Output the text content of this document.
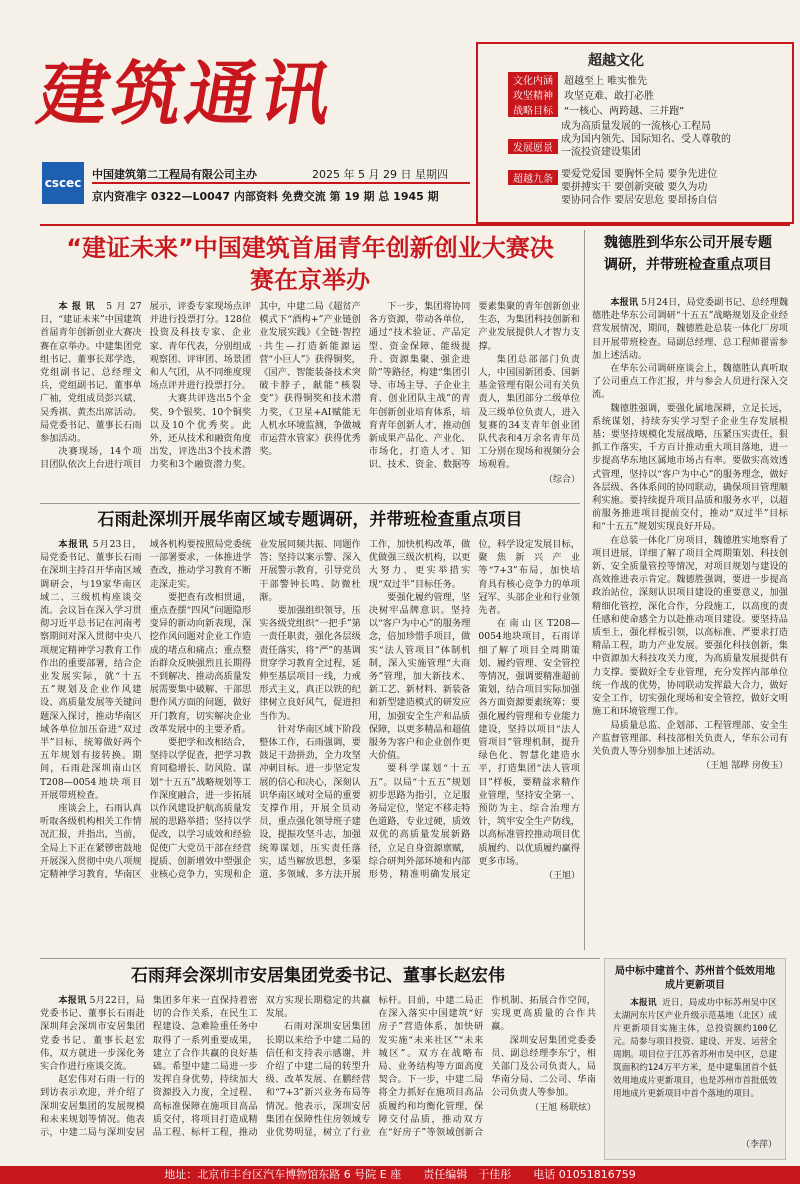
建筑通讯
cscec
中国建筑第二工程局有限公司主办	2025 年 5 月 29 日 星期四
京内资准字 0322—L0047 内部资料 免费交流 第 19 期 总 1945 期
超越文化
文化内涵 超越至上 唯实惟先
攻坚精神 攻坚克难、敢打必胜
战略目标 “一核心、两跨越、三并跑”
发展愿景
成为高质量发展的一流核心工程局
成为国内领先、国际知名、受人尊敬的
一流投资建设集团
超越九条 要爱党爱国 要胸怀全局 要争先进位
要拼搏实干 要创新突破 要久为功
要协同合作 要居安思危 要昂扬自信
“建证未来”中国建筑首届青年创新创业大赛决
赛在京举办

本报讯 5月27日，“建证未来”中国建筑首届青年创新创业大赛决赛在京举办。中建集团党组书记、董事长郑学选，党组副书记、总经理文兵，党组副书记、董事单广袖，党组成员彭兴斌、吴秀祺、黄杰出席活动。局党委书记、董事长石雨参加活动。

决赛现场，14个项目团队依次上台进行项目展示，评委专家现场点评并进行投票打分。128位投资及科技专家、企业家、青年代表，分别组成观察团、评审团、场景团和人气团，从不同维度现场点评并进行投票打分。

大赛共评选出5个金奖、9个银奖、10个铜奖以及10个优秀奖。此外，还从技术和融资角度出发，评选出3个技术潜力奖和3个融资潜力奖。其中，中建二局《超贫产模式下“酒构+”产业链创业发展实践》《全链·智控·共生—打造新能源运营“小巨人”》获得铜奖，《国产、智能装备技术突破卡脖子，献能“核裂变”》获得铜奖和技术潜力奖，《卫星+AI赋能无人机水环境监测，争做城市运营水管家》获得优秀奖。

下一步，集团将协同各方资源，带动各单位，通过“技术验证、产品定型、资金保障、能级提升、资源集聚、强企进阶”等路径，构建“集团引导、市场主导、子企业主育、创业团队主战”的青年创新创业培育体系，培育青年创新人才，推动创新成果产品化、产业化、市场化，打造人才、知识、技术、资金、数据等要素集聚的青年创新创业生态，为集团科技创新和产业发展提供人才智力支撑。

集团总部部门负责人，中国国新团委、国新基金管理有限公司有关负责人，集团部分二级单位及三级单位负责人，进入复赛的34支青年创业团队代表和4万余名青年员工分别在现场和视频分会场观看。

（综合）
魏德胜到华东公司开展专题
调研，并带班检查重点项目

本报讯 5月24日，局党委副书记、总经理魏德胜赴华东公司调研“十五五”战略规划及企业经营发展情况，期间，魏德胜赴总装一体化厂房项目开展带班检查。局副总经理、总工程师翟雷参加上述活动。

在华东公司调研座谈会上，魏德胜认真听取了公司重点工作汇报，并与参会人员进行深入交流。

魏德胜强调，要强化属地深耕，立足长远，系统谋划，持续夯实学习型子企业生存发展根基；要坚持规模化发展战略，压紧压实责任，狠抓工作落实，千方百计推动重大项目落地，进一步提高华东地区属地市场占有率。要做实高效透式管理，坚持以“客户为中心”的服务理念，做好各层级、各体系间的协同联动，确保项目管理顺利实施。要持续提升项目品质和服务水平，以超前服务推进项目提前交付，推动“双过半”目标和“十五五”规划实现良好开局。

在总装一体化厂房项目，魏德胜实地察看了项目进展，详细了解了项目全周期策划、科技创新、安全质量管控等情况，对项目规划与建设的高效推进表示肯定。魏德胜强调，要进一步提高政治站位，深刻认识项目建设的重要意义，加强精细化管控，深化合作，分段施工，以高度的责任感和使命感全力以赴推动项目建设。要坚持品质至上，强化样板引领，以高标准、严要求打造精品工程，助力产业发展。要强化科技创新，集中资源加大科技攻关力度，为高质量发展提供有力支撑。要做好全专业管理，充分发挥内部单位统一作战的优势，协同联动发挥最大合力，做好安全工作，切实强化现场和安全管控，做好文明施工和环境管理工作。

局质量总监、企划部、工程管理部、安全生产监督管理部、科技部相关负责人，华东公司有关负责人等分别参加上述活动。

（王旭 郜晔 房俊玉）
石雨赴深圳开展华南区域专题调研，并带班检查重点项目

本报讯 5月23日，局党委书记、董事长石雨在深圳主持召开华南区域调研会，与19家华南区域二、三级机构座谈交流。会议旨在深入学习贯彻习近平总书记在河南考察期间对深入贯彻中央八项规定精神学习教育工作作出的重要部署，结合企业发展实际，就“十五五”规划及企业作风建设、高质量发展等关键问题深入探讨，推动华南区域各单位加压奋进“双过半”目标，统筹做好两个五年规划有接转换。期间，石雨赴深圳南山区T208—0054地块项目开展带班检查。

座谈会上，石雨认真听取各级机构相关工作情况汇报，并指出，当前，全局上下正在紧锣密鼓地开展深入贯彻中央八项规定精神学习教育，华南区域各机构要按照局党委统一部署要求，一体推进学查改，推动学习教育不断走深走实。

要把查有改相贯通，重点查摆“四风”问题隐形变异的新动向新表现，深挖作风问题对企业工作造成的堵点和痛点；重点整治群众反映强烈且长期得不到解决、推动高质量发展需要集中破解、干部思想作风方面的问题，做好开门教育，切实解决企业改革发展中的主要矛盾。

要把学和改相结合，坚持以学促查，把学习教育同稳增长、防风险、谋划“十五五”战略规划等工作深度融合，进一步拓展以作风建设护航高质量发展的思路举措；坚持以学促改，以学习成效和经验促使广大党员干部在经营提质、创新增效中塑强企业核心竞争力，实现和企业发展同频共振、同题作答；坚持以案示警、深入开展警示教育，引导党员干部警钟长鸣、防微杜渐。

要加强组织领导，压实各级党组织“一把手”第一责任职责，强化各层级责任落实，将“严”的基调贯穿学习教育全过程，延伸至基层项目一线，力戒形式主义，真正以铁的纪律树立良好风气，促进担当作为。

针对华南区域下阶段整体工作，石雨强调，要鼓足干劲拼劲，全力攻坚冲刺目标。进一步坚定发展的信心和决心，深刻认识华南区域对全局的重要支撑作用，开展全员动员，重点强化领导班子建设，提振攻坚斗志，加强统筹谋划，压实责任落实，适当解放思想，多渠道、多领域、多方法开展工作，加快机构改革，做优做强三级次机构，以更大努力、更实举措实现“双过半”目标任务。

要强化履约管理，坚决树牢品牌意识。坚持以“客户为中心”的服务理念，倍加珍惜手项目，做实“法人管项目”体制机制，深入实施管理“大商务”管理，加大新技术、新工艺、新材料、新装备和新型建造模式的研发应用，加强安全生产和品质保障，以更多精品和超值服务为客户和企业创作更大价值。

要科学谋划“十五五”。以局“十五五”规划初步思路为指引，立足服务局定位，坚定不移走特色道路，专业过硬，质效双优的高质量发展新路径，立足自身资源禀赋，综合研判外部环境和内部形势，精准明确发展定位，科学设定发展目标，聚焦新兴产业等“7+3”布局，加快培育具有核心竞争力的单项冠军、头部企业和行业领先者。

在南山区T208—0054地块项目，石雨详细了解了项目全周期策划、履约管理、安全管控等情况，强调要精准超前策划，结合项目实际加强各方面资源要素统筹；要强化履约管理和专业能力建设，坚持以项目“法人管项目”管理机制，提升绿色化、智慧化建造水平，打造集团“法人管项目”样板，要精益求精作业管理，坚持安全第一、预防为主、综合治理方针，筑牢安全生产防线，以高标准管控推动项目优质履约、以优质履约赢得更多市场。

（王旭）
石雨拜会深圳市安居集团党委书记、董事长赵宏伟

本报讯 5月22日，局党委书记、董事长石雨赴深圳拜会深圳市安居集团党委书记、董事长赵宏伟，双方就进一步深化务实合作进行座谈交流。

赵宏伟对石雨一行的到访表示欢迎，并介绍了深圳安居集团的发展规模和未来规划等情况。他表示，中建二局与深圳安居集团多年来一直保持着密切的合作关系，在民生工程建设、急难险重任务中取得了一系列重要成果，建立了合作共赢的良好基础。希望中建二局进一步发挥自身优势，持续加大资源投入力度，全过程、高标准保障在施项目高品质交付，将项目打造成精品工程、标杆工程，推动双方实现长期稳定的共赢发展。

石雨对深圳安居集团长期以来给予中建二局的信任和支持表示感谢，并介绍了中建二局的转型升级、改革发展、在鹏经营和“7+3”新兴业务布局等情况。他表示，深圳安居集团在保障性住房领域专业优势明显，树立了行业标杆。目前，中建二局正在深入落实中国建筑“好房子”营造体系，加快研发实施“未来社区”“未来城区”。双方在战略布局、业务结构等方面高度契合。下一步，中建二局将全力抓好在施项目高品质履约和均衡化管理，保障交付品质，推动双方在“好房子”等领域创新合作机制、拓展合作空间，实现更高质量的合作共赢。

深圳安居集团党委委员、副总经理李东宁，相关部门及公司负责人，局华南分局、二公司、华南公司负责人等参加。

（王旭 杨联炫）
局中标中建首个、苏州首个低效用地成片更新项目

本报讯 近日，局成功中标苏州吴中区太湖河东片区产业升级示范基地（北区）成片更新项目实施主体，总投资额约100亿元。局参与项目投资、建设、开发、运营全周期。项目位于江苏省苏州市吴中区，总建筑面积约124万平方米，是中建集团首个低效用地成片更新项目，也是苏州市首批低效用地成片更新项目中首个落地的项目。

（李萍）
地址：北京市丰台区汽车博物馆东路 6 号院 E 座　　责任编辑　于佳彤　　电话 01051816759
